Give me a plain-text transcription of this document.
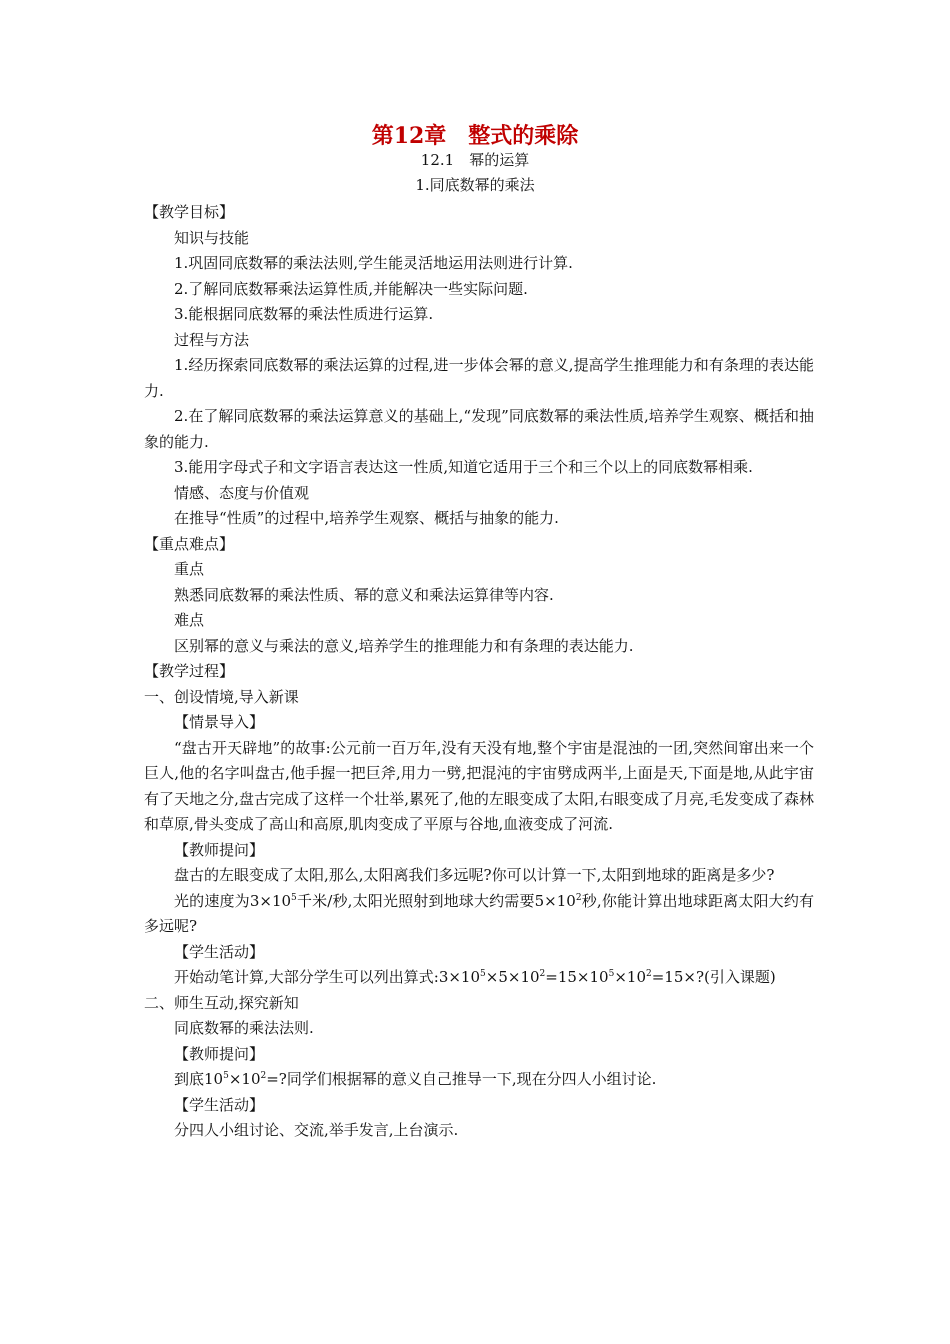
第12章　整式的乘除
12.1　幂的运算
1.同底数幂的乘法

【教学目标】

知识与技能

1.巩固同底数幂的乘法法则,学生能灵活地运用法则进行计算.

2.了解同底数幂乘法运算性质,并能解决一些实际问题.

3.能根据同底数幂的乘法性质进行运算.

过程与方法

1.经历探索同底数幂的乘法运算的过程,进一步体会幂的意义,提高学生推理能力和有条理的表达能力.

2.在了解同底数幂的乘法运算意义的基础上,“发现”同底数幂的乘法性质,培养学生观察、概括和抽象的能力.

3.能用字母式子和文字语言表达这一性质,知道它适用于三个和三个以上的同底数幂相乘.

情感、态度与价值观

在推导“性质”的过程中,培养学生观察、概括与抽象的能力.

【重点难点】

重点

熟悉同底数幂的乘法性质、幂的意义和乘法运算律等内容.

难点

区别幂的意义与乘法的意义,培养学生的推理能力和有条理的表达能力.

【教学过程】

一、创设情境,导入新课

【情景导入】

“盘古开天辟地”的故事:公元前一百万年,没有天没有地,整个宇宙是混浊的一团,突然间窜出来一个巨人,他的名字叫盘古,他手握一把巨斧,用力一劈,把混沌的宇宙劈成两半,上面是天,下面是地,从此宇宙有了天地之分,盘古完成了这样一个壮举,累死了,他的左眼变成了太阳,右眼变成了月亮,毛发变成了森林和草原,骨头变成了高山和高原,肌肉变成了平原与谷地,血液变成了河流.

【教师提问】

盘古的左眼变成了太阳,那么,太阳离我们多远呢?你可以计算一下,太阳到地球的距离是多少?

光的速度为$3\times 10^5$千米/秒,太阳光照射到地球大约需要$5\times 10^2$秒,你能计算出地球距离太阳大约有多远呢?

【学生活动】

开始动笔计算,大部分学生可以列出算式$:3\times 10^5\times 5\times 10^2=15\times 10^5\times 10^2=15\times$?(引入课题)

二、师生互动,探究新知

同底数幂的乘法法则.

【教师提问】

到底$10^5\times 10^2=$?同学们根据幂的意义自己推导一下,现在分四人小组讨论.

【学生活动】

分四人小组讨论、交流,举手发言,上台演示.
